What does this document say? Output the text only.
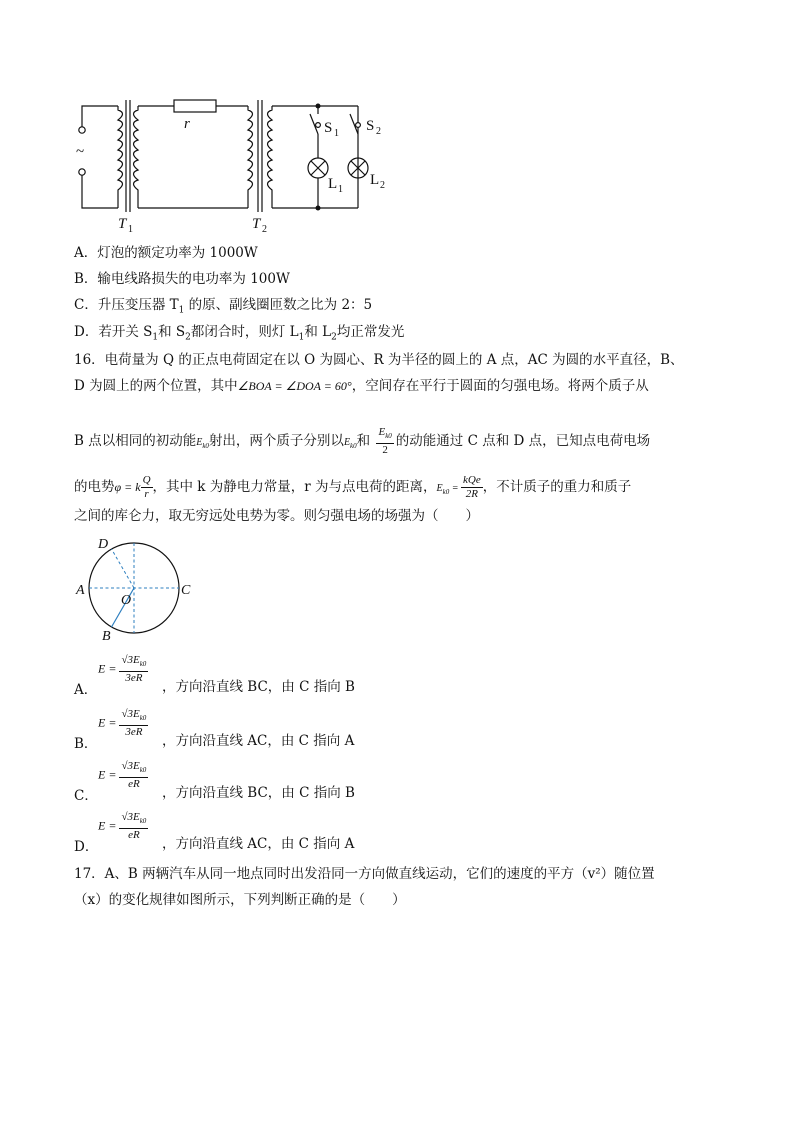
~
r
T 1	T 2
S 1 S 2
L 1
L 2
A．灯泡的额定功率为 1000W
B．输电线路损失的电功率为 100W
C．升压变压器 $T_1$ 的原、副线圈匝数之比为 2：5
D．若开关 $S_1$和 $S_2$都闭合时，则灯 $L_1$和 $L_2$均正常发光
16．电荷量为 Q 的正点电荷固定在以 O 为圆心、R 为半径的圆上的 A 点，AC 为圆的水平直径，B、
D 为圆上的两个位置，其中∠BOA = ∠DOA = 60°，空间存在平行于圆面的匀强电场。将两个质子从
B 点以相同的初动能$E_{k0}$射出，两个质子分别以$E_{k0}$和 $\frac{E_{k0}}{2}$ 的动能通过 C 点和 D 点，已知点电荷电场
的电势φ = k $\frac{Q}{r}$ ，其中 k 为静电力常量，r 为与点电荷的距离，$E_{k0} = \frac{\text{kQe}}{2R}$ ，不计质子的重力和质子
之间的库仑力，取无穷远处电势为零。则匀强电场的场强为（　　）
D
A	C
O
B
A．
$E = \frac{√3E_{k0}}{3eR}$
，方向沿直线 BC，由 C 指向 B
B．
$E = \frac{√3E_{k0}}{3eR}$
，方向沿直线 AC，由 C 指向 A
C．
$E = \frac{√3E_{k0}}{eR}$
，方向沿直线 BC，由 C 指向 B
D．
$E = \frac{√3E_{k0}}{eR}$
，方向沿直线 AC，由 C 指向 A
17．A、B 两辆汽车从同一地点同时出发沿同一方向做直线运动，它们的速度的平方（v²）随位置
（x）的变化规律如图所示，下列判断正确的是（　　）
